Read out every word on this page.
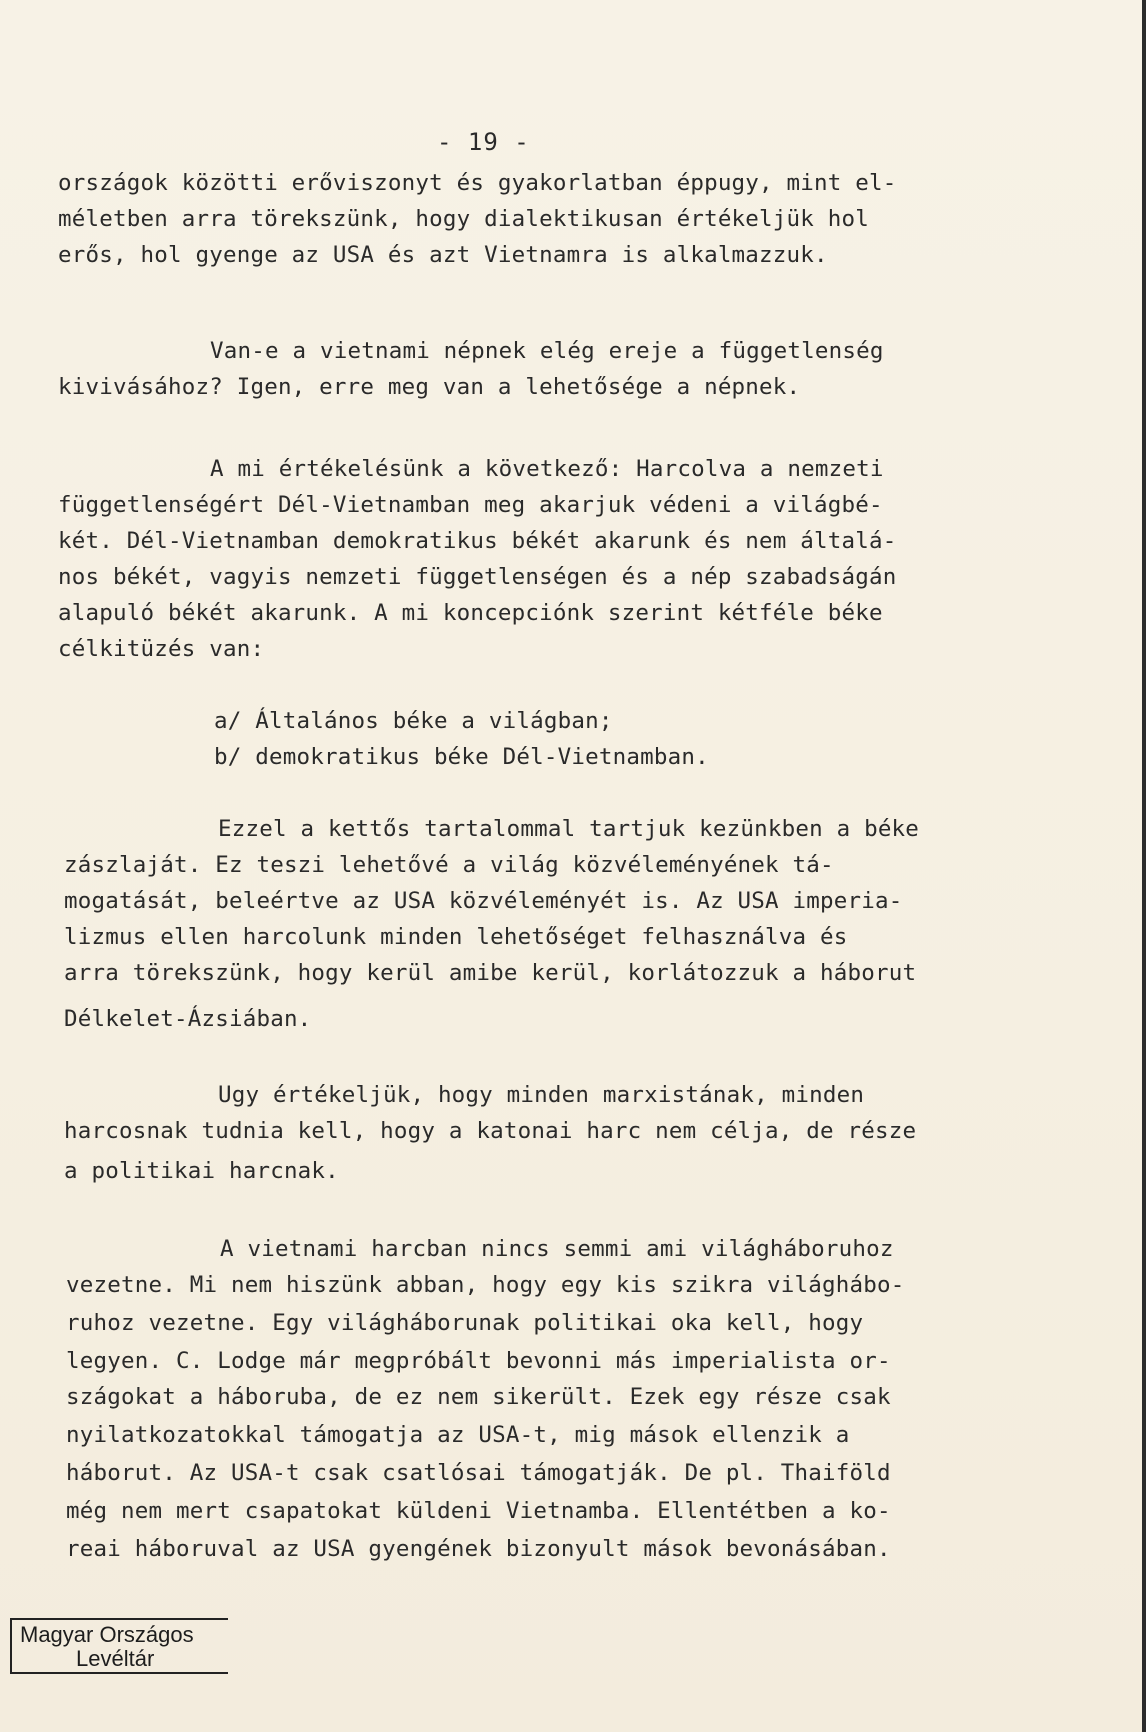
- 19 -
országok közötti erőviszonyt és gyakorlatban éppugy, mint el-
méletben arra törekszünk, hogy dialektikusan értékeljük hol
erős, hol gyenge az USA és azt Vietnamra is alkalmazzuk.
Van-e a vietnami népnek elég ereje a függetlenség
kivivásához? Igen, erre meg van a lehetősége a népnek.
A mi értékelésünk a következő: Harcolva a nemzeti
függetlenségért Dél-Vietnamban meg akarjuk védeni a világbé-
két. Dél-Vietnamban demokratikus békét akarunk és nem általá-
nos békét, vagyis nemzeti függetlenségen és a nép szabadságán
alapuló békét akarunk. A mi koncepciónk szerint kétféle béke
célkitüzés van:
a/ Általános béke a világban;
b/ demokratikus béke Dél-Vietnamban.
Ezzel a kettős tartalommal tartjuk kezünkben a béke
zászlaját. Ez teszi lehetővé a világ közvéleményének tá-
mogatását, beleértve az USA közvéleményét is. Az USA imperia-
lizmus ellen harcolunk minden lehetőséget felhasználva és
arra törekszünk, hogy kerül amibe kerül, korlátozzuk a háborut
Délkelet-Ázsiában.
Ugy értékeljük, hogy minden marxistának, minden
harcosnak tudnia kell, hogy a katonai harc nem célja, de része
a politikai harcnak.
A vietnami harcban nincs semmi ami világháboruhoz
vezetne. Mi nem hiszünk abban, hogy egy kis szikra világhábo-
ruhoz vezetne. Egy világháborunak politikai oka kell, hogy
legyen. C. Lodge már megpróbált bevonni más imperialista or-
szágokat a háboruba, de ez nem sikerült. Ezek egy része csak
nyilatkozatokkal támogatja az USA-t, mig mások ellenzik a
háborut. Az USA-t csak csatlósai támogatják. De pl. Thaiföld
még nem mert csapatokat küldeni Vietnamba. Ellentétben a ko-
reai háboruval az USA gyengének bizonyult mások bevonásában.
Magyar Országos
Levéltár
